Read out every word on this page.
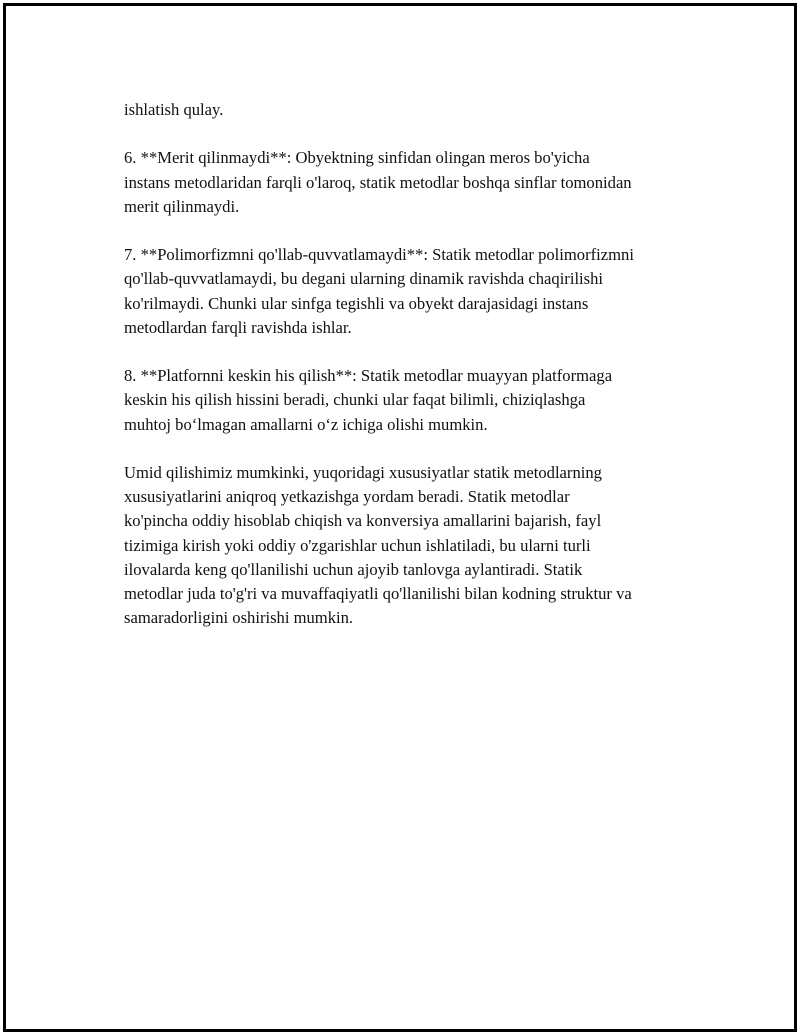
ishlatish qulay.

6. **Merit qilinmaydi**: Obyektning sinfidan olingan meros bo'yicha
instans metodlaridan farqli o'laroq, statik metodlar boshqa sinflar tomonidan
merit qilinmaydi.

7. **Polimorfizmni qo'llab-quvvatlamaydi**: Statik metodlar polimorfizmni
qo'llab-quvvatlamaydi, bu degani ularning dinamik ravishda chaqirilishi
ko'rilmaydi. Chunki ular sinfga tegishli va obyekt darajasidagi instans
metodlardan farqli ravishda ishlar.

8. **Platfornni keskin his qilish**: Statik metodlar muayyan platformaga
keskin his qilish hissini beradi, chunki ular faqat bilimli, chiziqlashga
muhtoj bo‘lmagan amallarni o‘z ichiga olishi mumkin.

Umid qilishimiz mumkinki, yuqoridagi xususiyatlar statik metodlarning
xususiyatlarini aniqroq yetkazishga yordam beradi. Statik metodlar
ko'pincha oddiy hisoblab chiqish va konversiya amallarini bajarish, fayl
tizimiga kirish yoki oddiy o'zgarishlar uchun ishlatiladi, bu ularni turli
ilovalarda keng qo'llanilishi uchun ajoyib tanlovga aylantiradi. Statik
metodlar juda to'g'ri va muvaffaqiyatli qo'llanilishi bilan kodning struktur va
samaradorligini oshirishi mumkin.
